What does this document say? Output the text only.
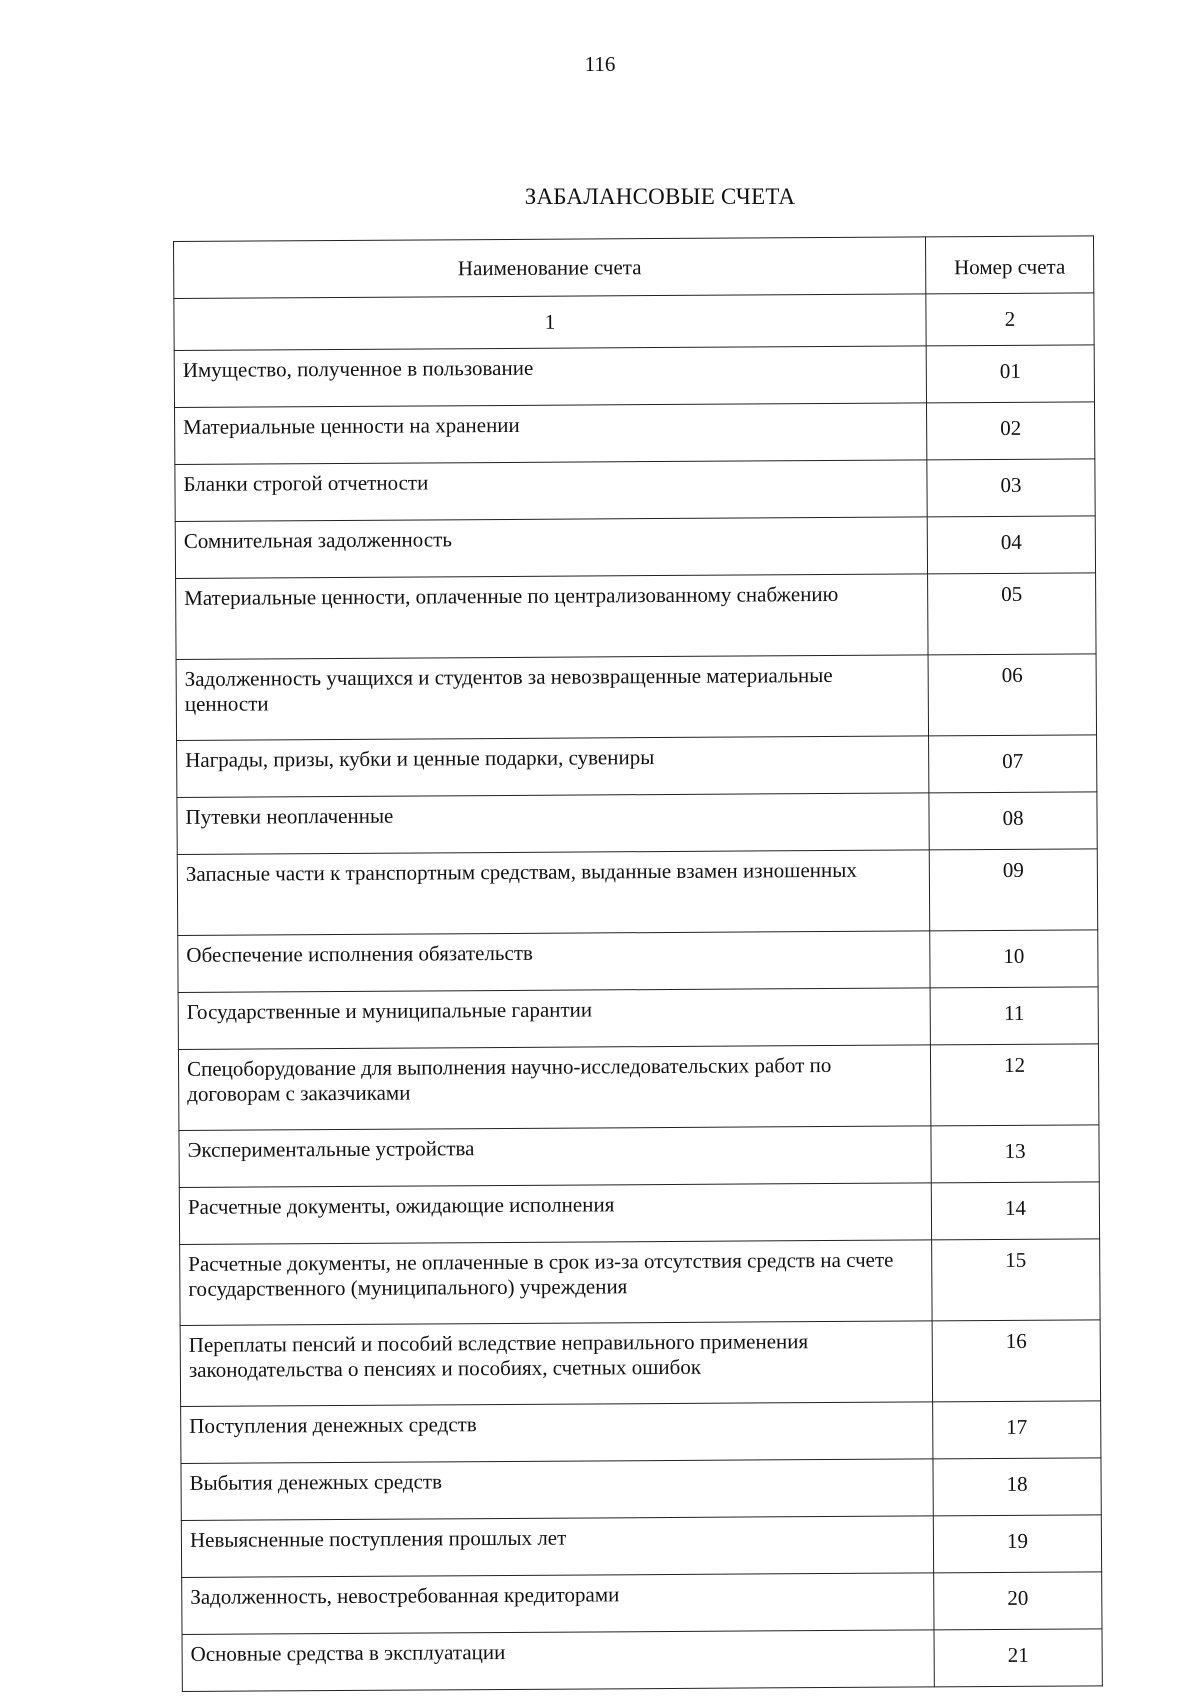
116
ЗАБАЛАНСОВЫЕ СЧЕТА
Наименование счета	Номер счета
1	2
Имущество, полученное в пользование	01
Материальные ценности на хранении	02
Бланки строгой отчетности	03
Сомнительная задолженность	04
Материальные ценности, оплаченные по централизованному снабжению	05
Задолженность учащихся и студентов за невозвращенные материальные ценности	06
Награды, призы, кубки и ценные подарки, сувениры	07
Путевки неоплаченные	08
Запасные части к транспортным средствам, выданные взамен изношенных	09
Обеспечение исполнения обязательств	10
Государственные и муниципальные гарантии	11
Спецоборудование для выполнения научно-исследовательских работ по договорам с заказчиками	12
Экспериментальные устройства	13
Расчетные документы, ожидающие исполнения	14
Расчетные документы, не оплаченные в срок из-за отсутствия средств на счете государственного (муниципального) учреждения	15
Переплаты пенсий и пособий вследствие неправильного применения законодательства о пенсиях и пособиях, счетных ошибок	16
Поступления денежных средств	17
Выбытия денежных средств	18
Невыясненные поступления прошлых лет	19
Задолженность, невостребованная кредиторами	20
Основные средства в эксплуатации	21
